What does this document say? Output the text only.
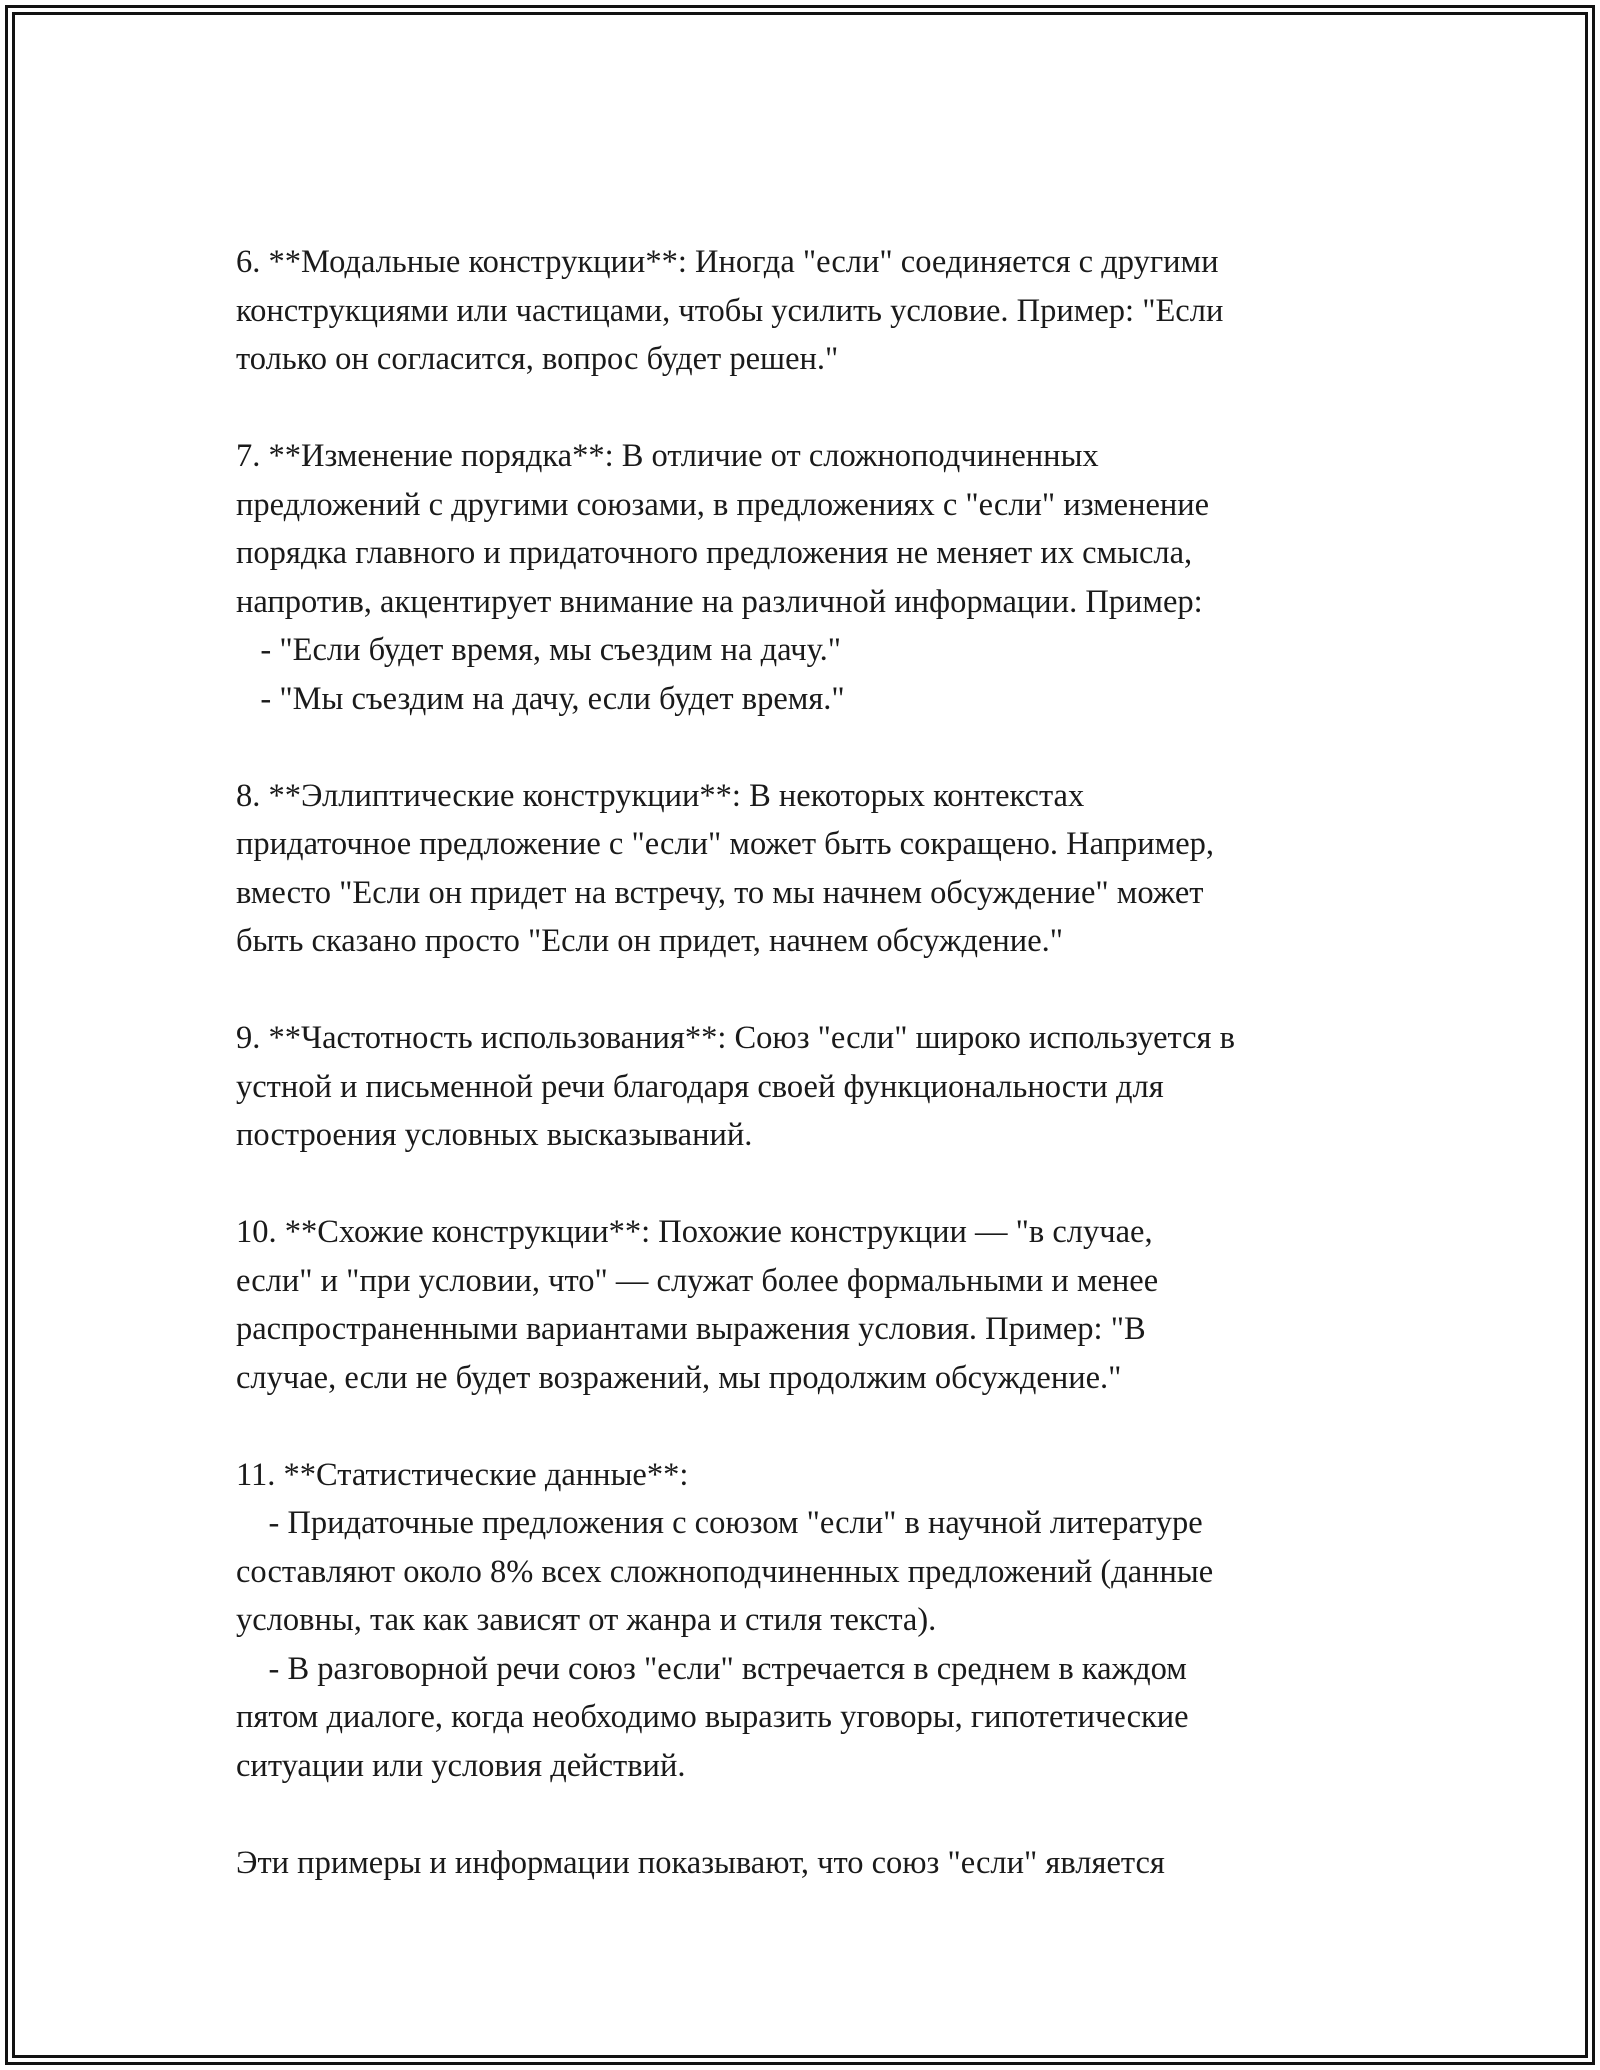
6. **Модальные конструкции**: Иногда "если" соединяется с другими
конструкциями или частицами, чтобы усилить условие. Пример: "Если
только он согласится, вопрос будет решен."

7. **Изменение порядка**: В отличие от сложноподчиненных
предложений с другими союзами, в предложениях с "если" изменение
порядка главного и придаточного предложения не меняет их смысла,
напротив, акцентирует внимание на различной информации. Пример:
- "Если будет время, мы съездим на дачу."
- "Мы съездим на дачу, если будет время."

8. **Эллиптические конструкции**: В некоторых контекстах
придаточное предложение с "если" может быть сокращено. Например,
вместо "Если он придет на встречу, то мы начнем обсуждение" может
быть сказано просто "Если он придет, начнем обсуждение."

9. **Частотность использования**: Союз "если" широко используется в
устной и письменной речи благодаря своей функциональности для
построения условных высказываний.

10. **Схожие конструкции**: Похожие конструкции — "в случае,
если" и "при условии, что" — служат более формальными и менее
распространенными вариантами выражения условия. Пример: "В
случае, если не будет возражений, мы продолжим обсуждение."

11. **Статистические данные**:
- Придаточные предложения с союзом "если" в научной литературе
составляют около 8% всех сложноподчиненных предложений (данные
условны, так как зависят от жанра и стиля текста).
- В разговорной речи союз "если" встречается в среднем в каждом
пятом диалоге, когда необходимо выразить уговоры, гипотетические
ситуации или условия действий.

Эти примеры и информации показывают, что союз "если" является
